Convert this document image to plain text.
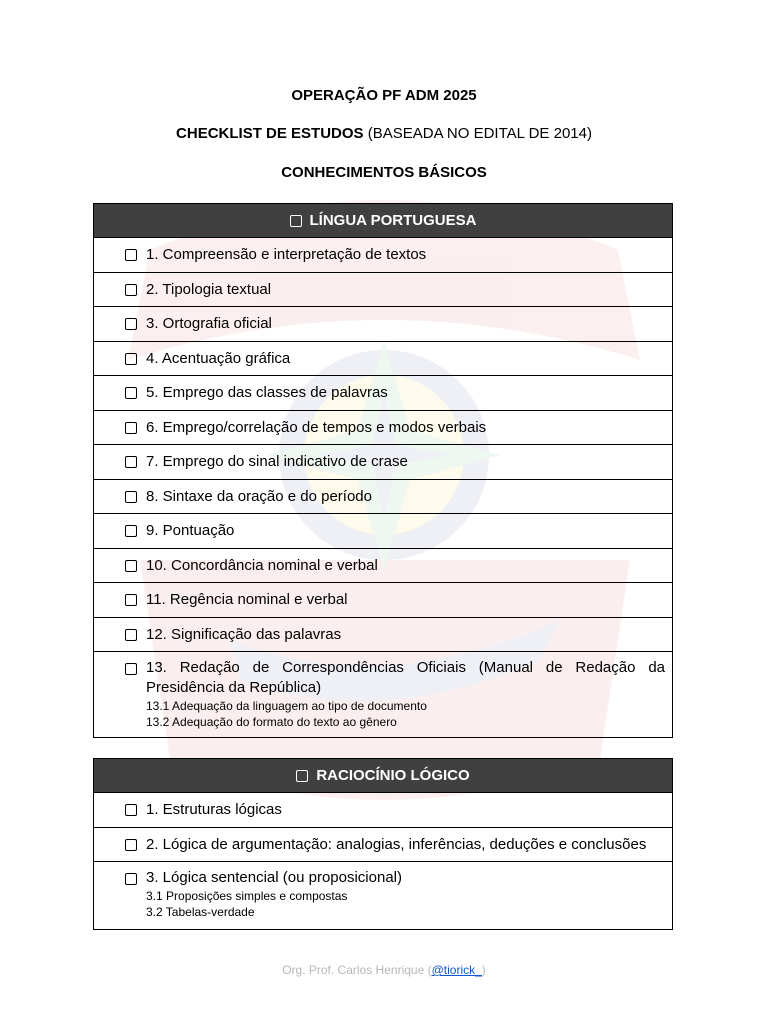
OPERAÇÃO PF ADM 2025
CHECKLIST DE ESTUDOS (BASEADA NO EDITAL DE 2014)
CONHECIMENTOS BÁSICOS
LÍNGUA PORTUGUESA
1. Compreensão e interpretação de textos
2. Tipologia textual
3. Ortografia oficial
4. Acentuação gráfica
5. Emprego das classes de palavras
6. Emprego/correlação de tempos e modos verbais
7. Emprego do sinal indicativo de crase
8. Sintaxe da oração e do período
9. Pontuação
10. Concordância nominal e verbal
11. Regência nominal e verbal
12. Significação das palavras
13. Redação de Correspondências Oficiais (Manual de Redação da Presidência da República)
13.1 Adequação da linguagem ao tipo de documento
13.2 Adequação do formato do texto ao gênero
RACIOCÍNIO LÓGICO
1. Estruturas lógicas
2. Lógica de argumentação: analogias, inferências, deduções e conclusões
3. Lógica sentencial (ou proposicional)
3.1 Proposições simples e compostas
3.2 Tabelas-verdade
Org. Prof. Carlos Henrique (@tiorick_)
